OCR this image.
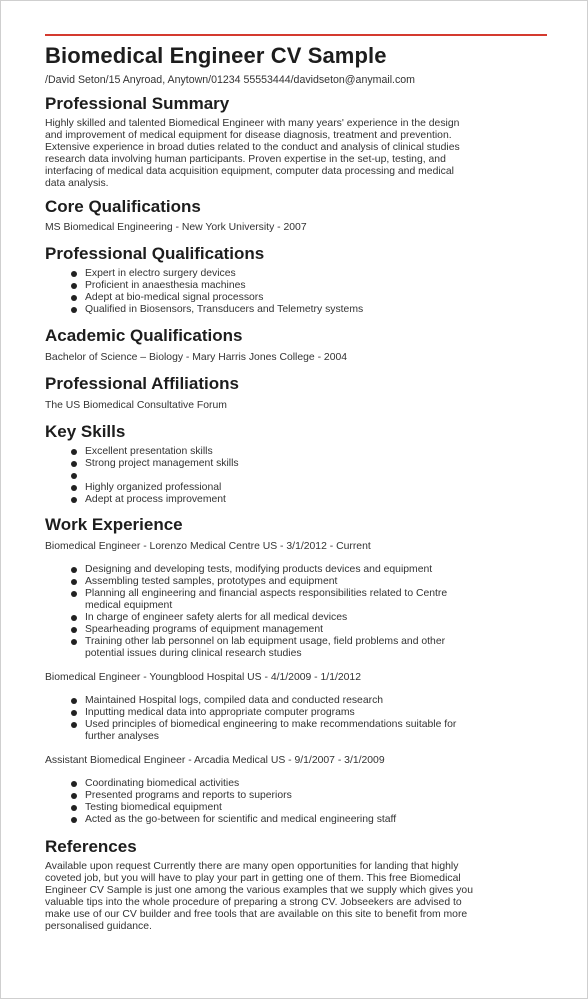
Biomedical Engineer CV Sample
/David Seton/15 Anyroad, Anytown/01234 55553444/davidseton@anymail.com
Professional Summary
Highly skilled and talented Biomedical Engineer with many years' experience in the design
and improvement of medical equipment for disease diagnosis, treatment and prevention.
Extensive experience in broad duties related to the conduct and analysis of clinical studies
research data involving human participants. Proven expertise in the set-up, testing, and
interfacing of medical data acquisition equipment, computer data processing and medical
data analysis.
Core Qualifications
MS Biomedical Engineering - New York University - 2007
Professional Qualifications
Expert in electro surgery devices
Proficient in anaesthesia machines
Adept at bio-medical signal processors
Qualified in Biosensors, Transducers and Telemetry systems
Academic Qualifications
Bachelor of Science – Biology - Mary Harris Jones College - 2004
Professional Affiliations
The US Biomedical Consultative Forum
Key Skills
Excellent presentation skills
Strong project management skills
Highly organized professional
Adept at process improvement
Work Experience
Biomedical Engineer - Lorenzo Medical Centre US - 3/1/2012 - Current
Designing and developing tests, modifying products devices and equipment
Assembling tested samples, prototypes and equipment
Planning all engineering and financial aspects responsibilities related to Centre
medical equipment
In charge of engineer safety alerts for all medical devices
Spearheading programs of equipment management
Training other lab personnel on lab equipment usage, field problems and other
potential issues during clinical research studies
Biomedical Engineer - Youngblood Hospital US - 4/1/2009 - 1/1/2012
Maintained Hospital logs, compiled data and conducted research
Inputting medical data into appropriate computer programs
Used principles of biomedical engineering to make recommendations suitable for
further analyses
Assistant Biomedical Engineer - Arcadia Medical US - 9/1/2007 - 3/1/2009
Coordinating biomedical activities
Presented programs and reports to superiors
Testing biomedical equipment
Acted as the go-between for scientific and medical engineering staff
References
Available upon request Currently there are many open opportunities for landing that highly
coveted job, but you will have to play your part in getting one of them. This free Biomedical
Engineer CV Sample is just one among the various examples that we supply which gives you
valuable tips into the whole procedure of preparing a strong CV. Jobseekers are advised to
make use of our CV builder and free tools that are available on this site to benefit from more
personalised guidance.
